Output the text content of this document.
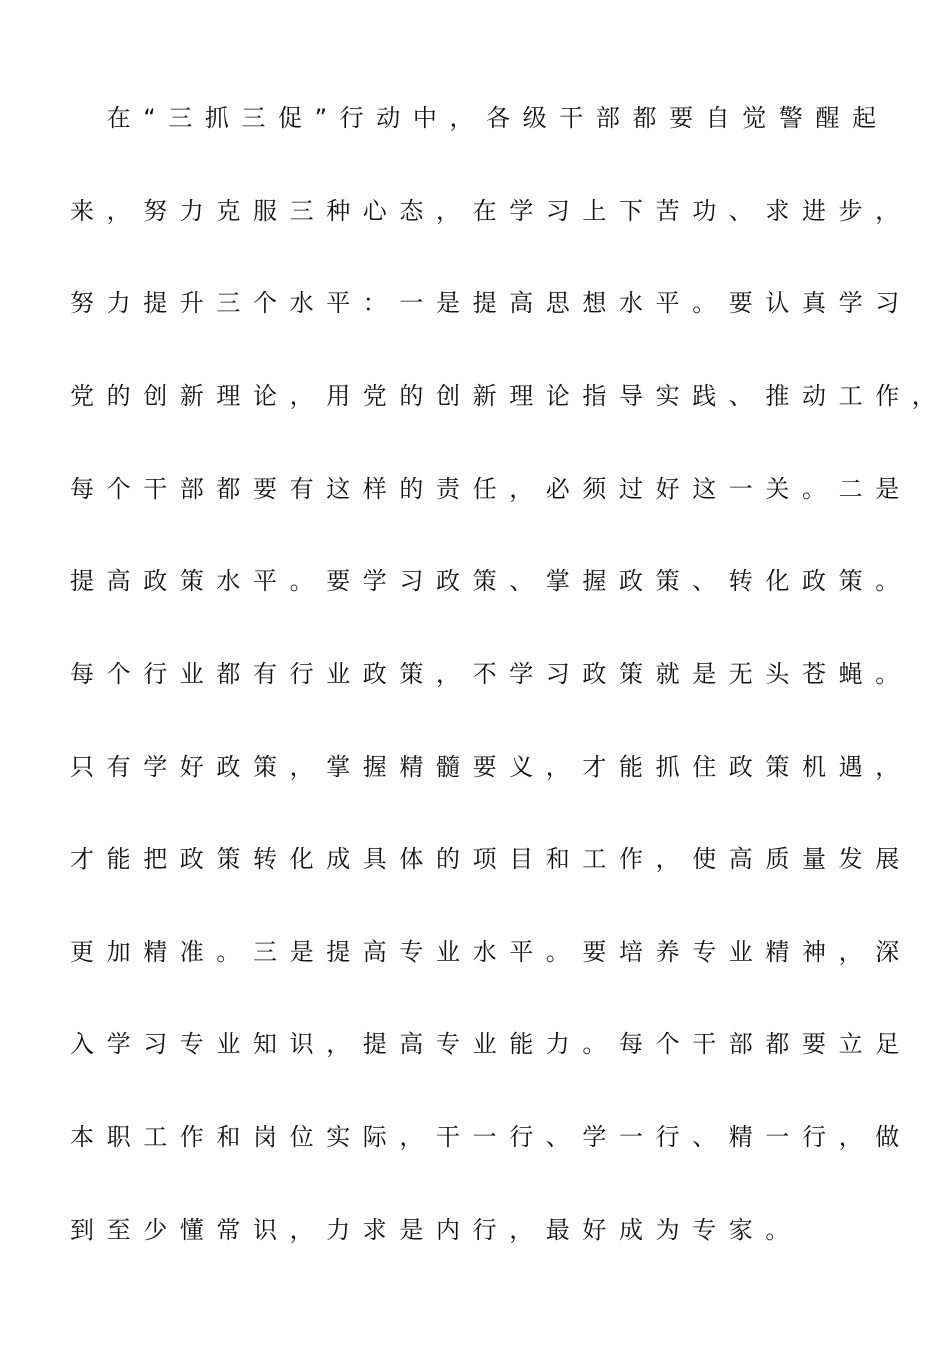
　在“三抓三促”行动中，各级干部都要自觉警醒起
来，努力克服三种心态，在学习上下苦功、求进步，
努力提升三个水平：一是提高思想水平。要认真学习
党的创新理论，用党的创新理论指导实践、推动工作，
每个干部都要有这样的责任，必须过好这一关。二是
提高政策水平。要学习政策、掌握政策、转化政策。
每个行业都有行业政策，不学习政策就是无头苍蝇。
只有学好政策，掌握精髓要义，才能抓住政策机遇，
才能把政策转化成具体的项目和工作，使高质量发展
更加精准。三是提高专业水平。要培养专业精神，深
入学习专业知识，提高专业能力。每个干部都要立足
本职工作和岗位实际，干一行、学一行、精一行，做
到至少懂常识，力求是内行，最好成为专家。
